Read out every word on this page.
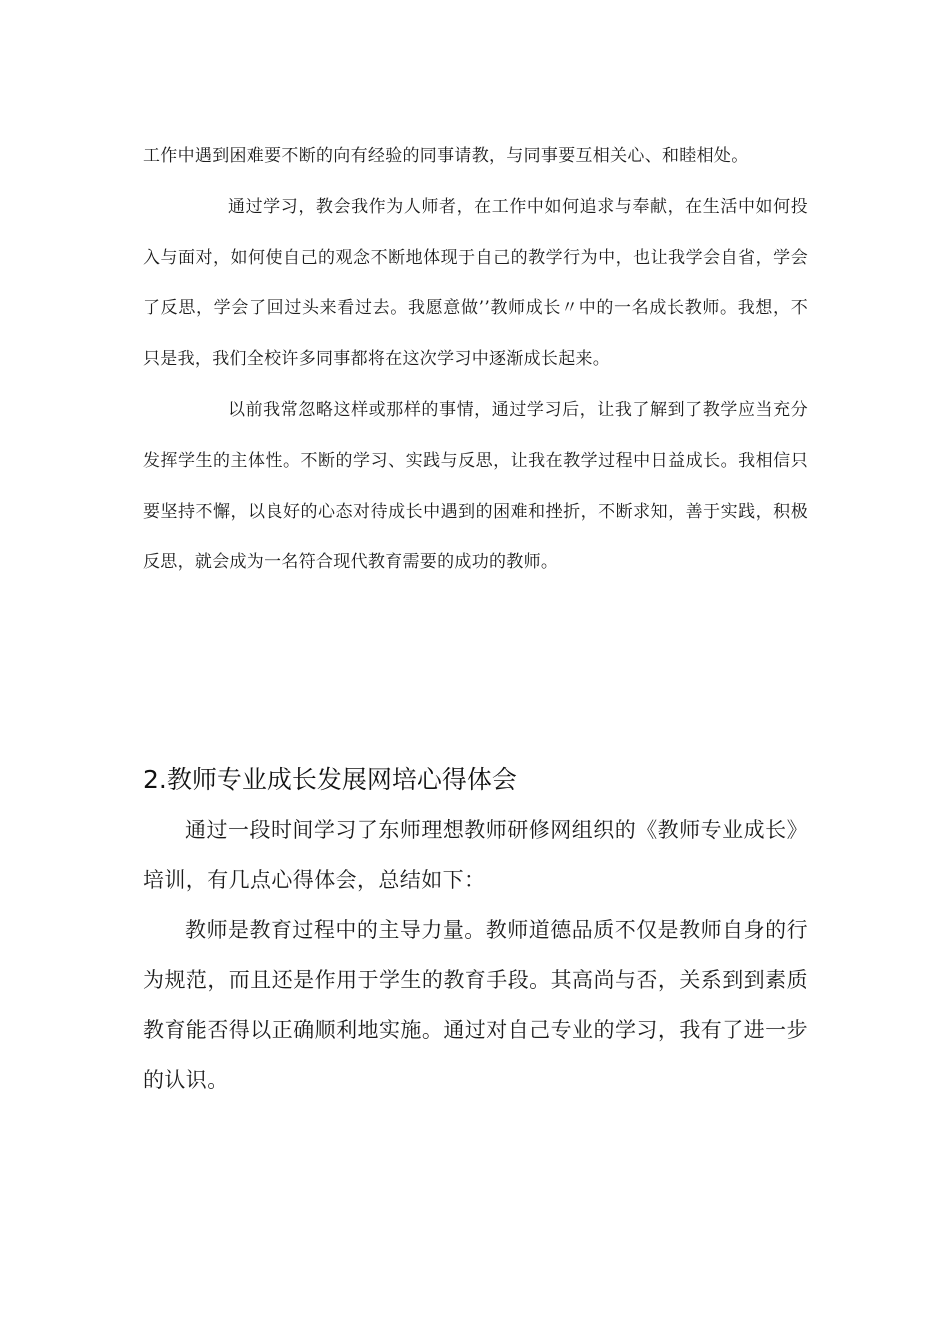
工作中遇到困难要不断的向有经验的同事请教，与同事要互相关心、和睦相处。

通过学习，教会我作为人师者，在工作中如何追求与奉献，在生活中如何投入与面对，如何使自己的观念不断地体现于自己的教学行为中，也让我学会自省，学会了反思，学会了回过头来看过去。我愿意做’’教师成长〃中的一名成长教师。我想，不只是我，我们全校许多同事都将在这次学习中逐渐成长起来。

以前我常忽略这样或那样的事情，通过学习后，让我了解到了教学应当充分发挥学生的主体性。不断的学习、实践与反思，让我在教学过程中日益成长。我相信只要坚持不懈，以良好的心态对待成长中遇到的困难和挫折，不断求知，善于实践，积极反思，就会成为一名符合现代教育需要的成功的教师。

2.教师专业成长发展网培心得体会

通过一段时间学习了东师理想教师研修网组织的《教师专业成长》培训，有几点心得体会，总结如下：

教师是教育过程中的主导力量。教师道德品质不仅是教师自身的行为规范，而且还是作用于学生的教育手段。其高尚与否，关系到到素质教育能否得以正确顺利地实施。通过对自己专业的学习，我有了进一步的认识。
